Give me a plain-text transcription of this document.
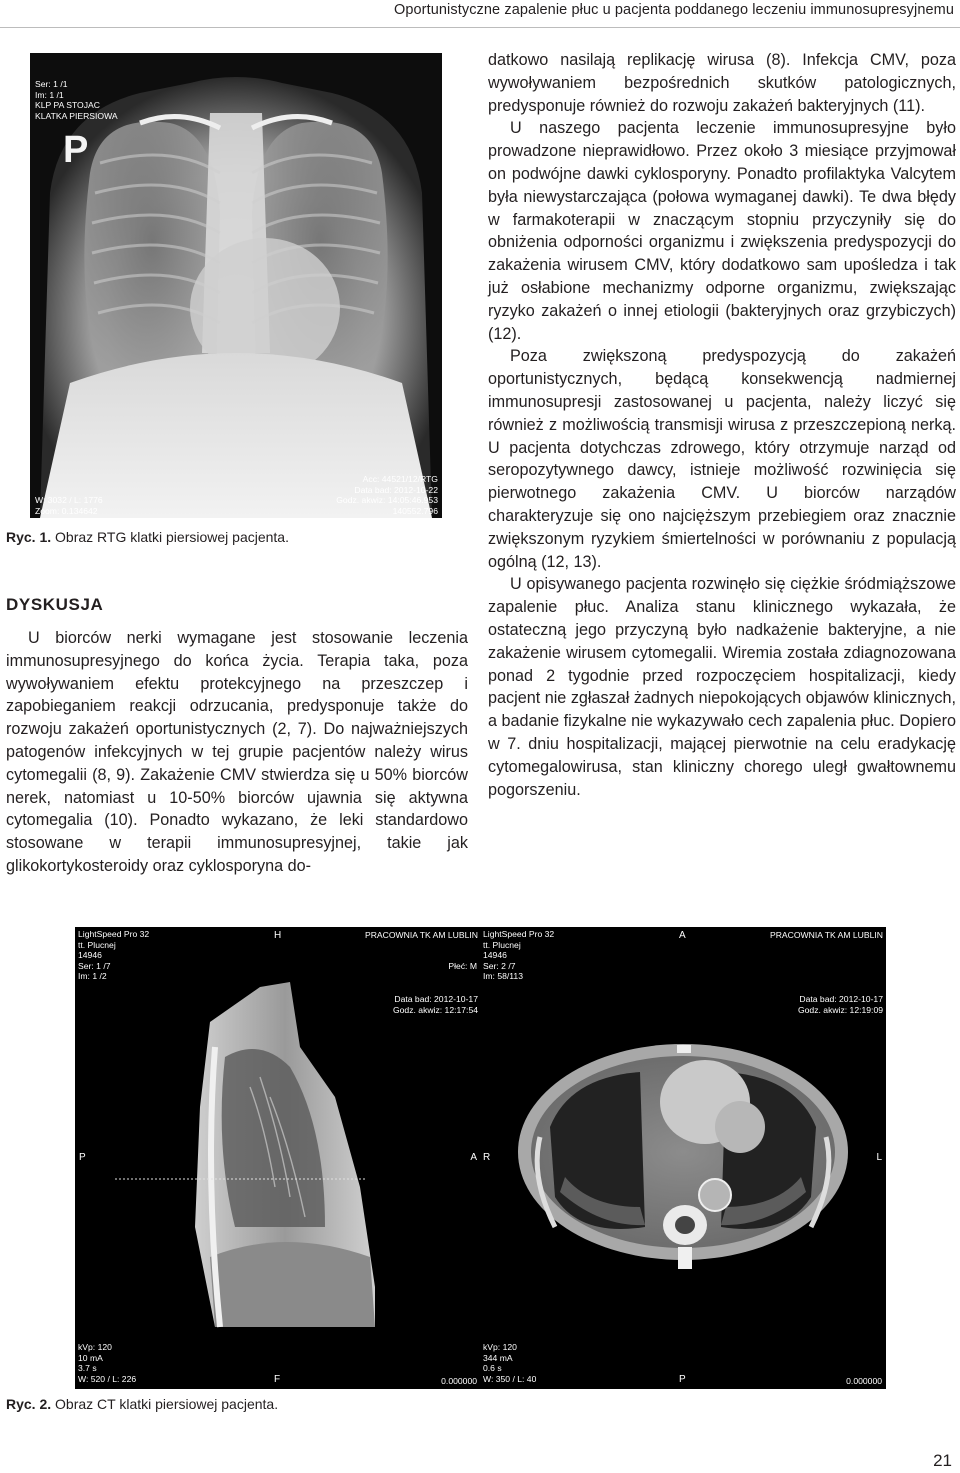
Oportunistyczne zapalenie płuc u pacjenta poddanego leczeniu immunosupresyjnemu
Ser: 1 /1
Im: 1 /1
KLP PA STOJAC
KLATKA PIERSIOWA
P
W: 3032 / L: 1776
Zoom: 0.134642
Acc: 44521/12/RTG
Data bad: 2012-10-22
Godz. akwiz: 14:05:46.953
140552.796
Ryc. 1. Obraz RTG klatki piersiowej pacjenta.
DYSKUSJA

U biorców nerki wymagane jest stosowanie leczenia immunosupresyjnego do końca życia. Terapia taka, poza wywoływaniem efektu protekcyjnego na przeszczep i zapobieganiem reakcji odrzucania, predysponuje także do rozwoju zakażeń oportunistycznych (2, 7). Do najważniejszych patogenów infekcyjnych w tej grupie pacjentów należy wirus cytomegalii (8, 9). Zakażenie CMV stwierdza się u 50% biorców nerek, natomiast u 10-50% biorców ujawnia się aktywna cytomegalia (10). Ponadto wykazano, że leki standardowo stosowane w terapii immunosupresyjnej, takie jak glikokortykosteroidy oraz cyklosporyna do-

datkowo nasilają replikację wirusa (8). Infekcja CMV, poza wywoływaniem bezpośrednich skutków patologicznych, predysponuje również do rozwoju zakażeń bakteryjnych (11).

U naszego pacjenta leczenie immunosupresyjne było prowadzone nieprawidłowo. Przez około 3 miesiące przyjmował on podwójne dawki cyklosporyny. Ponadto profilaktyka Valcytem była niewystarczająca (połowa wymaganej dawki). Te dwa błędy w farmakoterapii w znaczącym stopniu przyczyniły się do obniżenia odporności organizmu i zwiększenia predyspozycji do zakażenia wirusem CMV, który dodatkowo sam upośledza i tak już osłabione mechanizmy odporne organizmu, zwiększając ryzyko zakażeń o innej etiologii (bakteryjnych oraz grzybiczych) (12).

Poza zwiększoną predyspozycją do zakażeń oportunistycznych, będącą konsekwencją nadmiernej immunosupresji zastosowanej u pacjenta, należy liczyć się również z możliwością transmisji wirusa z przeszczepioną nerką. U pacjenta dotychczas zdrowego, który otrzymuje narząd od seropozytywnego dawcy, istnieje możliwość rozwinięcia się pierwotnego zakażenia CMV. U biorców narządów charakteryzuje się ono najcięższym przebiegiem oraz znacznie zwiększonym ryzykiem śmiertelności w porównaniu z populacją ogólną (12, 13).

U opisywanego pacjenta rozwinęło się ciężkie śródmiąższowe zapalenie płuc. Analiza stanu klinicznego wykazała, że ostateczną jego przyczyną było nadkażenie bakteryjne, a nie zakażenie wirusem cytomegalii. Wiremia została zdiagnozowana ponad 2 tygodnie przed rozpoczęciem hospitalizacji, kiedy pacjent nie zgłaszał żadnych niepokojących objawów klinicznych, a badanie fizykalne nie wykazywało cech zapalenia płuc. Dopiero w 7. dniu hospitalizacji, mającej pierwotnie na celu eradykację cytomegalowirusa, stan kliniczny chorego uległ gwałtownemu pogorszeniu.

LightSpeed Pro 32
tt. Plucnej
14946
Ser: 1 /7
Im: 1 /2
H	PRACOWNIA TK AM LUBLIN
Płeć: M
Data bad: 2012-10-17
Godz. akwiz: 12:17:54
P	A
kVp: 120
10 mA
3.7 s
W: 520 / L: 226	F	0.000000
LightSpeed Pro 32
tt. Plucnej
14946
Ser: 2 /7
Im: 58/113
A	PRACOWNIA TK AM LUBLIN
Data bad: 2012-10-17
Godz. akwiz: 12:19:09
R	L
kVp: 120
344 mA
0.6 s
W: 350 / L: 40	P	0.000000
Ryc. 2. Obraz CT klatki piersiowej pacjenta.
21
